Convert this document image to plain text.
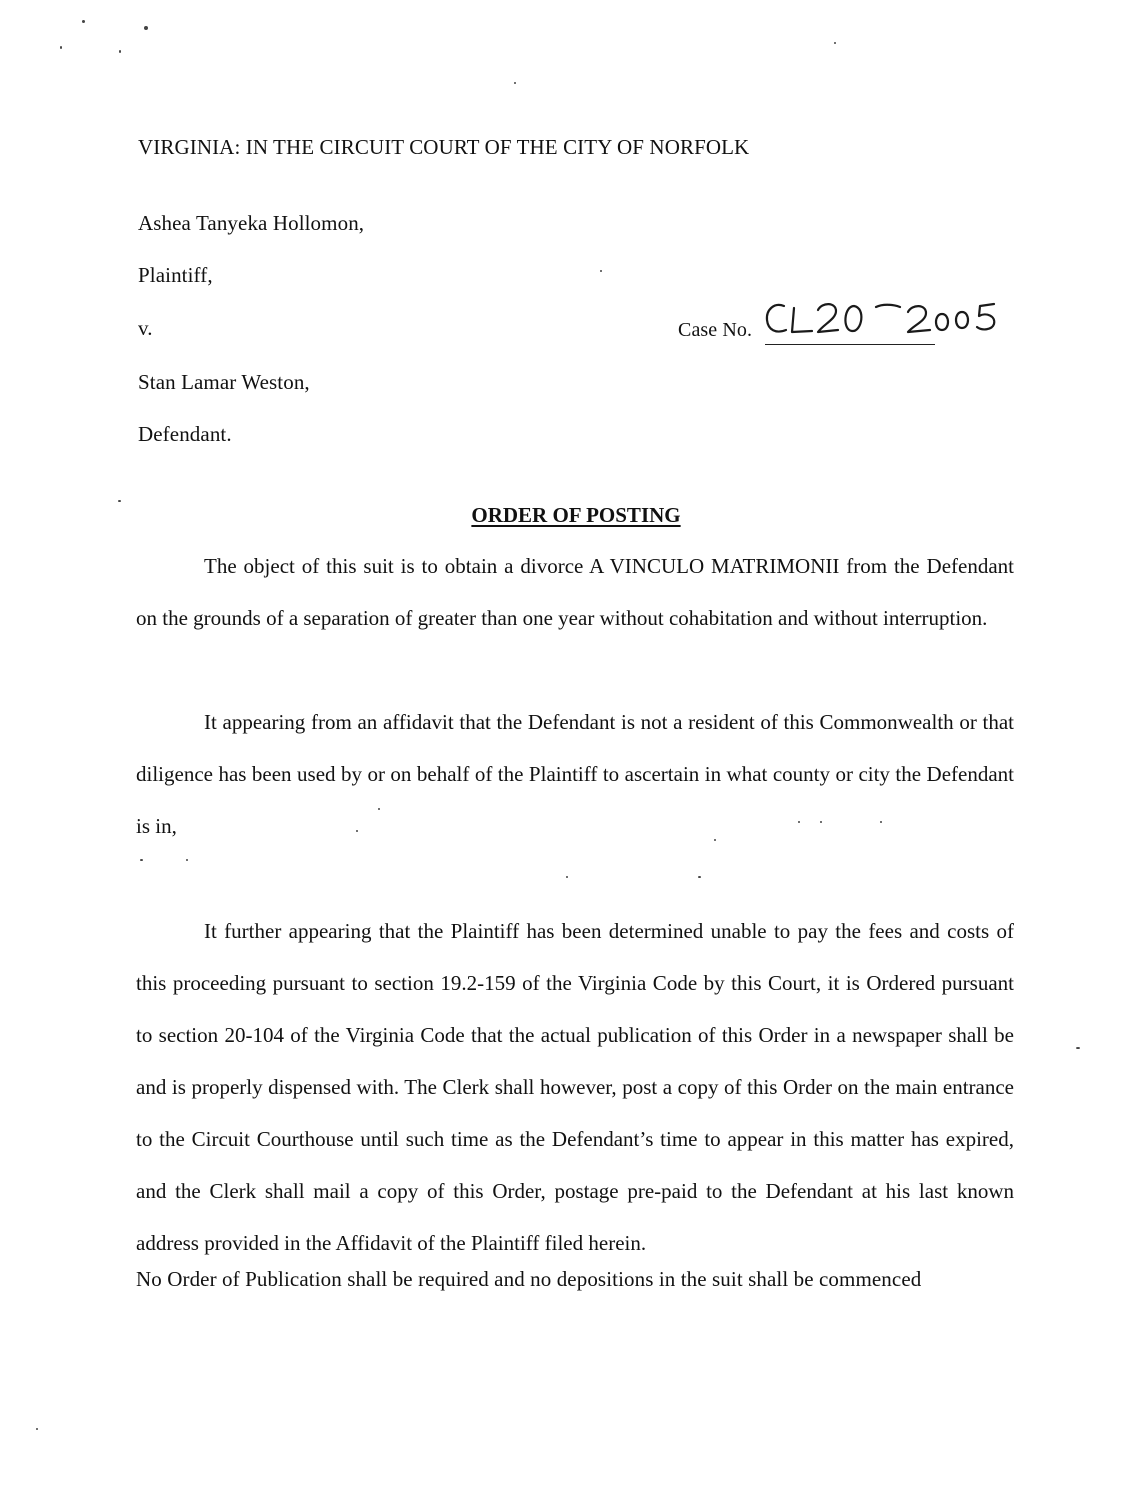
VIRGINIA: IN THE CIRCUIT COURT OF THE CITY OF NORFOLK
Ashea Tanyeka Hollomon,
Plaintiff,
v.
Stan Lamar Weston,
Defendant.
Case No.
ORDER OF POSTING
The object of this suit is to obtain a divorce A VINCULO MATRIMONII from the Defendant on the grounds of a separation of greater than one year without cohabitation and without interruption.
It appearing from an affidavit that the Defendant is not a resident of this Commonwealth or that diligence has been used by or on behalf of the Plaintiff to ascertain in what county or city the Defendant is in,
It further appearing that the Plaintiff has been determined unable to pay the fees and costs of this proceeding pursuant to section 19.2-159 of the Virginia Code by this Court, it is Ordered pursuant to section 20-104 of the Virginia Code that the actual publication of this Order in a newspaper shall be and is properly dispensed with. The Clerk shall however, post a copy of this Order on the main entrance to the Circuit Courthouse until such time as the Defendant’s time to appear in this matter has expired, and the Clerk shall mail a copy of this Order, postage pre-paid to the Defendant at his last known address provided in the Affidavit of the Plaintiff filed herein.
No Order of Publication shall be required and no depositions in the suit shall be commenced
